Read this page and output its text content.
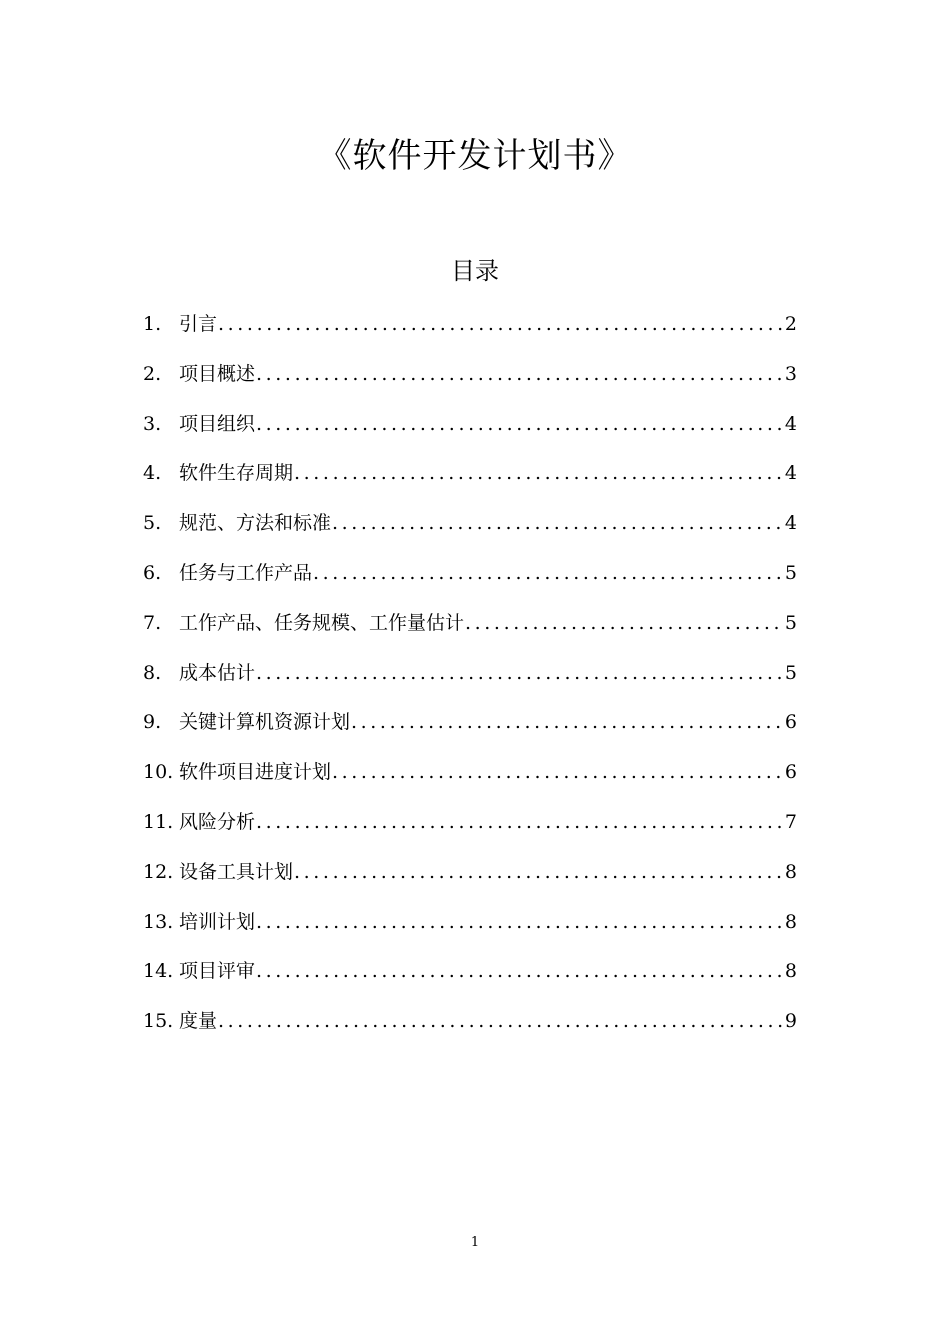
《软件开发计划书》
目录
1. 引言 .....	2
2. 项目概述 .....	3
3. 项目组织 .....	4
4. 软件生存周期 .....	4
5. 规范、方法和标准 .....	4
6. 任务与工作产品 .....	5
7. 工作产品、任务规模、工作量估计 .....	5
8. 成本估计 .....	5
9. 关键计算机资源计划 .....	6
10. 软件项目进度计划 .....	6
11. 风险分析 .....	7
12. 设备工具计划 .....	8
13. 培训计划 .....	8
14. 项目评审 .....	8
15. 度量 .....	9
1
